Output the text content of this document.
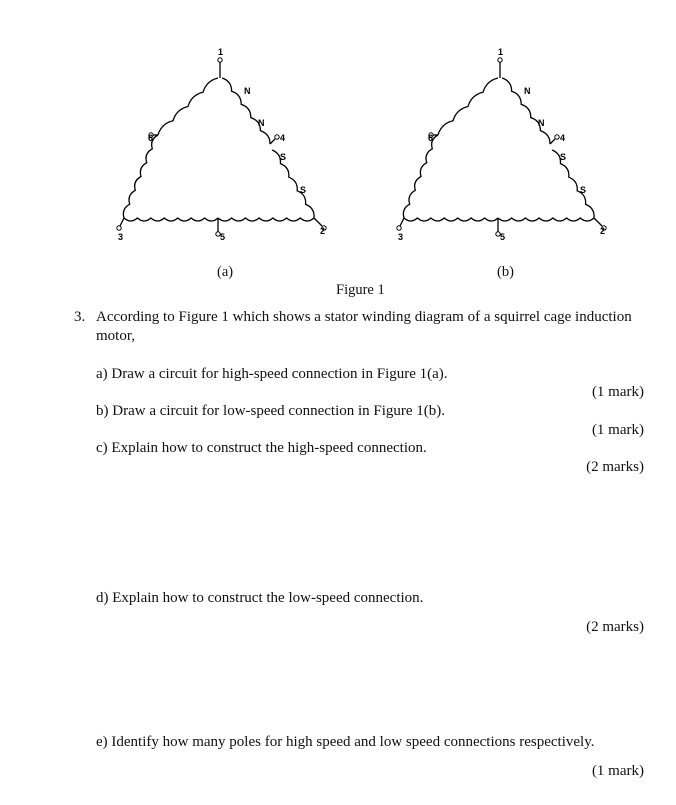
1
2
3
4
5
6
N
N
S
S
1
2
3
4
5
6
N
N
S
S
(a)	(b)
Figure 1
3. According to Figure 1 which shows a stator winding diagram of a squirrel cage induction
motor,
a) Draw a circuit for high-speed connection in Figure 1(a).
(1 mark)
b) Draw a circuit for low-speed connection in Figure 1(b).
(1 mark)
c) Explain how to construct the high-speed connection.
(2 marks)
d) Explain how to construct the low-speed connection.
(2 marks)
e) Identify how many poles for high speed and low speed connections respectively.
(1 mark)
